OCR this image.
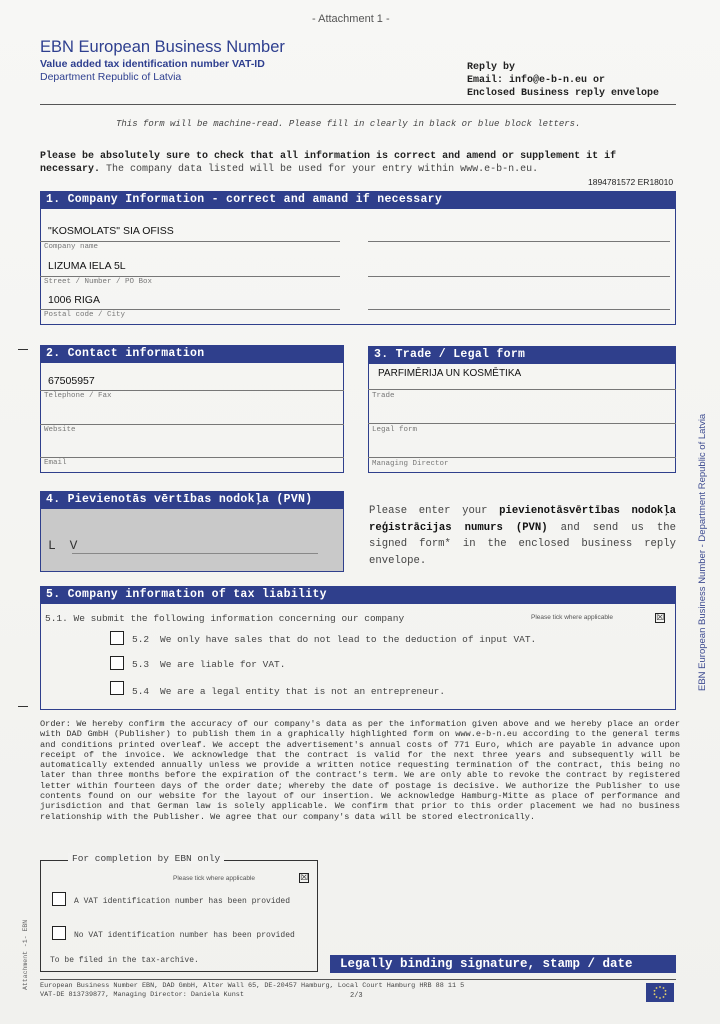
- Attachment 1 -
EBN European Business Number
Value added tax identification number VAT-ID
Department Republic of Latvia
Reply by
Email: info@e-b-n.eu or
Enclosed Business reply envelope
This form will be machine-read. Please fill in clearly in black or blue block letters.
Please be absolutely sure to check that all information is correct and amend or supplement it if necessary. The company data listed will be used for your entry within www.e-b-n.eu.
1894781572 ER18010
1. Company Information - correct and amand if necessary
"KOSMOLATS" SIA OFISS
Company name
LIZUMA IELA 5L
Street / Number / PO Box
1006 RIGA
Postal code / City
2. Contact information
67505957
Telephone / Fax
Website
Email
3. Trade / Legal form
PARFIMĒRIJA UN KOSMĒTIKA
Trade
Legal form
Managing Director
4. Pievienotās vērtības nodokļa (PVN)
L V
Please enter your pievienotāsvērtības nodokļa reģistrācijas numurs (PVN) and send us the signed form* in the enclosed business reply envelope.
5. Company information of tax liability
5.1. We submit the following information concerning our company	Please tick where applicable	☒
5.2 We only have sales that do not lead to the deduction of input VAT.
5.3 We are liable for VAT.
5.4 We are a legal entity that is not an entrepreneur.
Order: We hereby confirm the accuracy of our company's data as per the information given above and we hereby place an order with DAD GmbH (Publisher) to publish them in a graphically highlighted form on www.e-b-n.eu according to the general terms and conditions printed overleaf. We accept the advertisement's annual costs of 771 Euro, which are payable in advance upon receipt of the invoice. We acknowledge that the contract is valid for the next three years and subsequently will be automatically extended annually unless we provide a written notice requesting termination of the contract, this being no later than three months before the expiration of the contract's term. We are only able to revoke the contract by registered letter within fourteen days of the order date; whereby the date of postage is decisive. We authorize the Publisher to use contents found on our website for the layout of our insertion. We acknowledge Hamburg-Mitte as place of performance and jurisdiction and that German law is solely applicable. We confirm that prior to this order placement we had no business relationship with the Publisher. We agree that our company's data will be stored electronically.
For completion by EBN only
Please tick where applicable	☒
A VAT identification number has been provided
No VAT identification number has been provided
To be filed in the tax-archive.	Legally binding signature, stamp / date
European Business Number EBN, DAD GmbH, Alter Wall 65, DE-20457 Hamburg, Local Court Hamburg HRB 88 11 5
VAT-DE 813739877, Managing Director: Daniela Kunst	2/3
EBN European Business Number - Department Republic of Latvia
Attachment -1- EBN
